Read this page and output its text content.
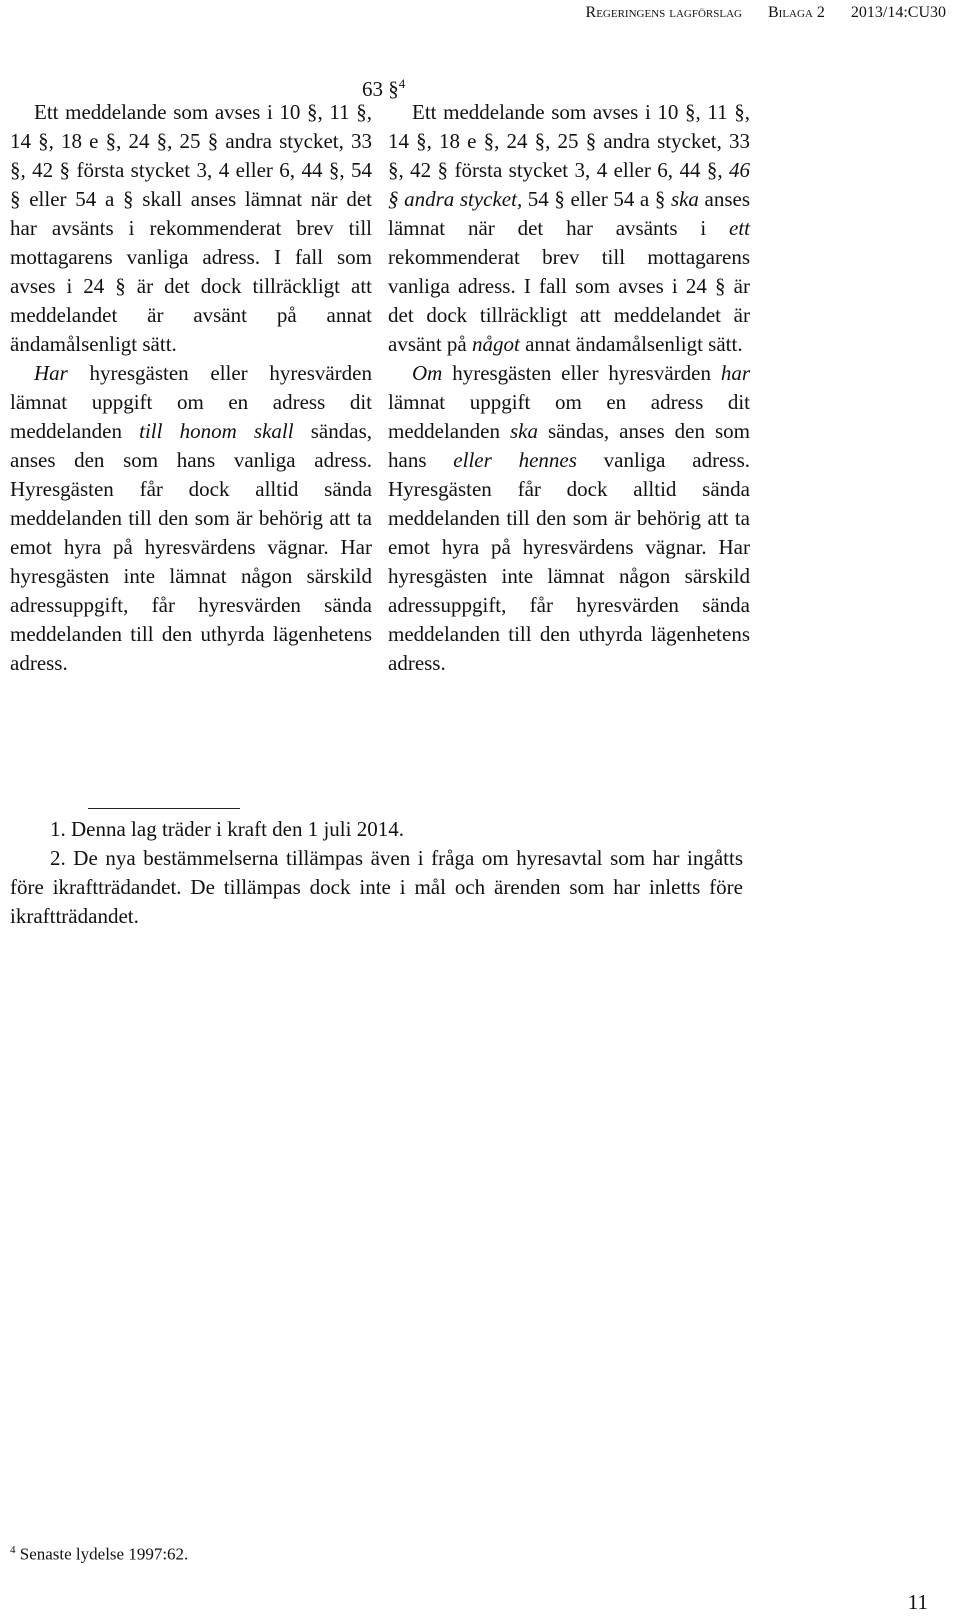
Regeringens lagförslag Bilaga 2 2013/14:CU30
63 §$^4$

Ett meddelande som avses i 10 §, 11 §, 14 §, 18 e §, 24 §, 25 § andra stycket, 33 §, 42 § första stycket 3, 4 eller 6, 44 §, 54 § eller 54 a § skall anses lämnat när det har avsänts i rekommenderat brev till mottagarens vanliga adress. I fall som avses i 24 § är det dock tillräckligt att meddelandet är avsänt på annat ändamålsenligt sätt.

Har hyresgästen eller hyresvärden lämnat uppgift om en adress dit meddelanden till honom skall sändas, anses den som hans vanliga adress. Hyresgästen får dock alltid sända meddelanden till den som är behörig att ta emot hyra på hyresvärdens vägnar. Har hyresgästen inte lämnat någon särskild adressuppgift, får hyresvärden sända meddelanden till den uthyrda lägenhetens adress.

Ett meddelande som avses i 10 §, 11 §, 14 §, 18 e §, 24 §, 25 § andra stycket, 33 §, 42 § första stycket 3, 4 eller 6, 44 §, 46 § andra stycket, 54 § eller 54 a § ska anses lämnat när det har avsänts i ett rekommenderat brev till mottagarens vanliga adress. I fall som avses i 24 § är det dock tillräckligt att meddelandet är avsänt på något annat ändamålsenligt sätt.

Om hyresgästen eller hyresvärden har lämnat uppgift om en adress dit meddelanden ska sändas, anses den som hans eller hennes vanliga adress. Hyresgästen får dock alltid sända meddelanden till den som är behörig att ta emot hyra på hyresvärdens vägnar. Har hyresgästen inte lämnat någon särskild adressuppgift, får hyresvärden sända meddelanden till den uthyrda lägenhetens adress.

1. Denna lag träder i kraft den 1 juli 2014.

2. De nya bestämmelserna tillämpas även i fråga om hyresavtal som har ingåtts före ikraftträdandet. De tillämpas dock inte i mål och ärenden som har inletts före ikraftträdandet.

$^4$ Senaste lydelse 1997:62.
11
